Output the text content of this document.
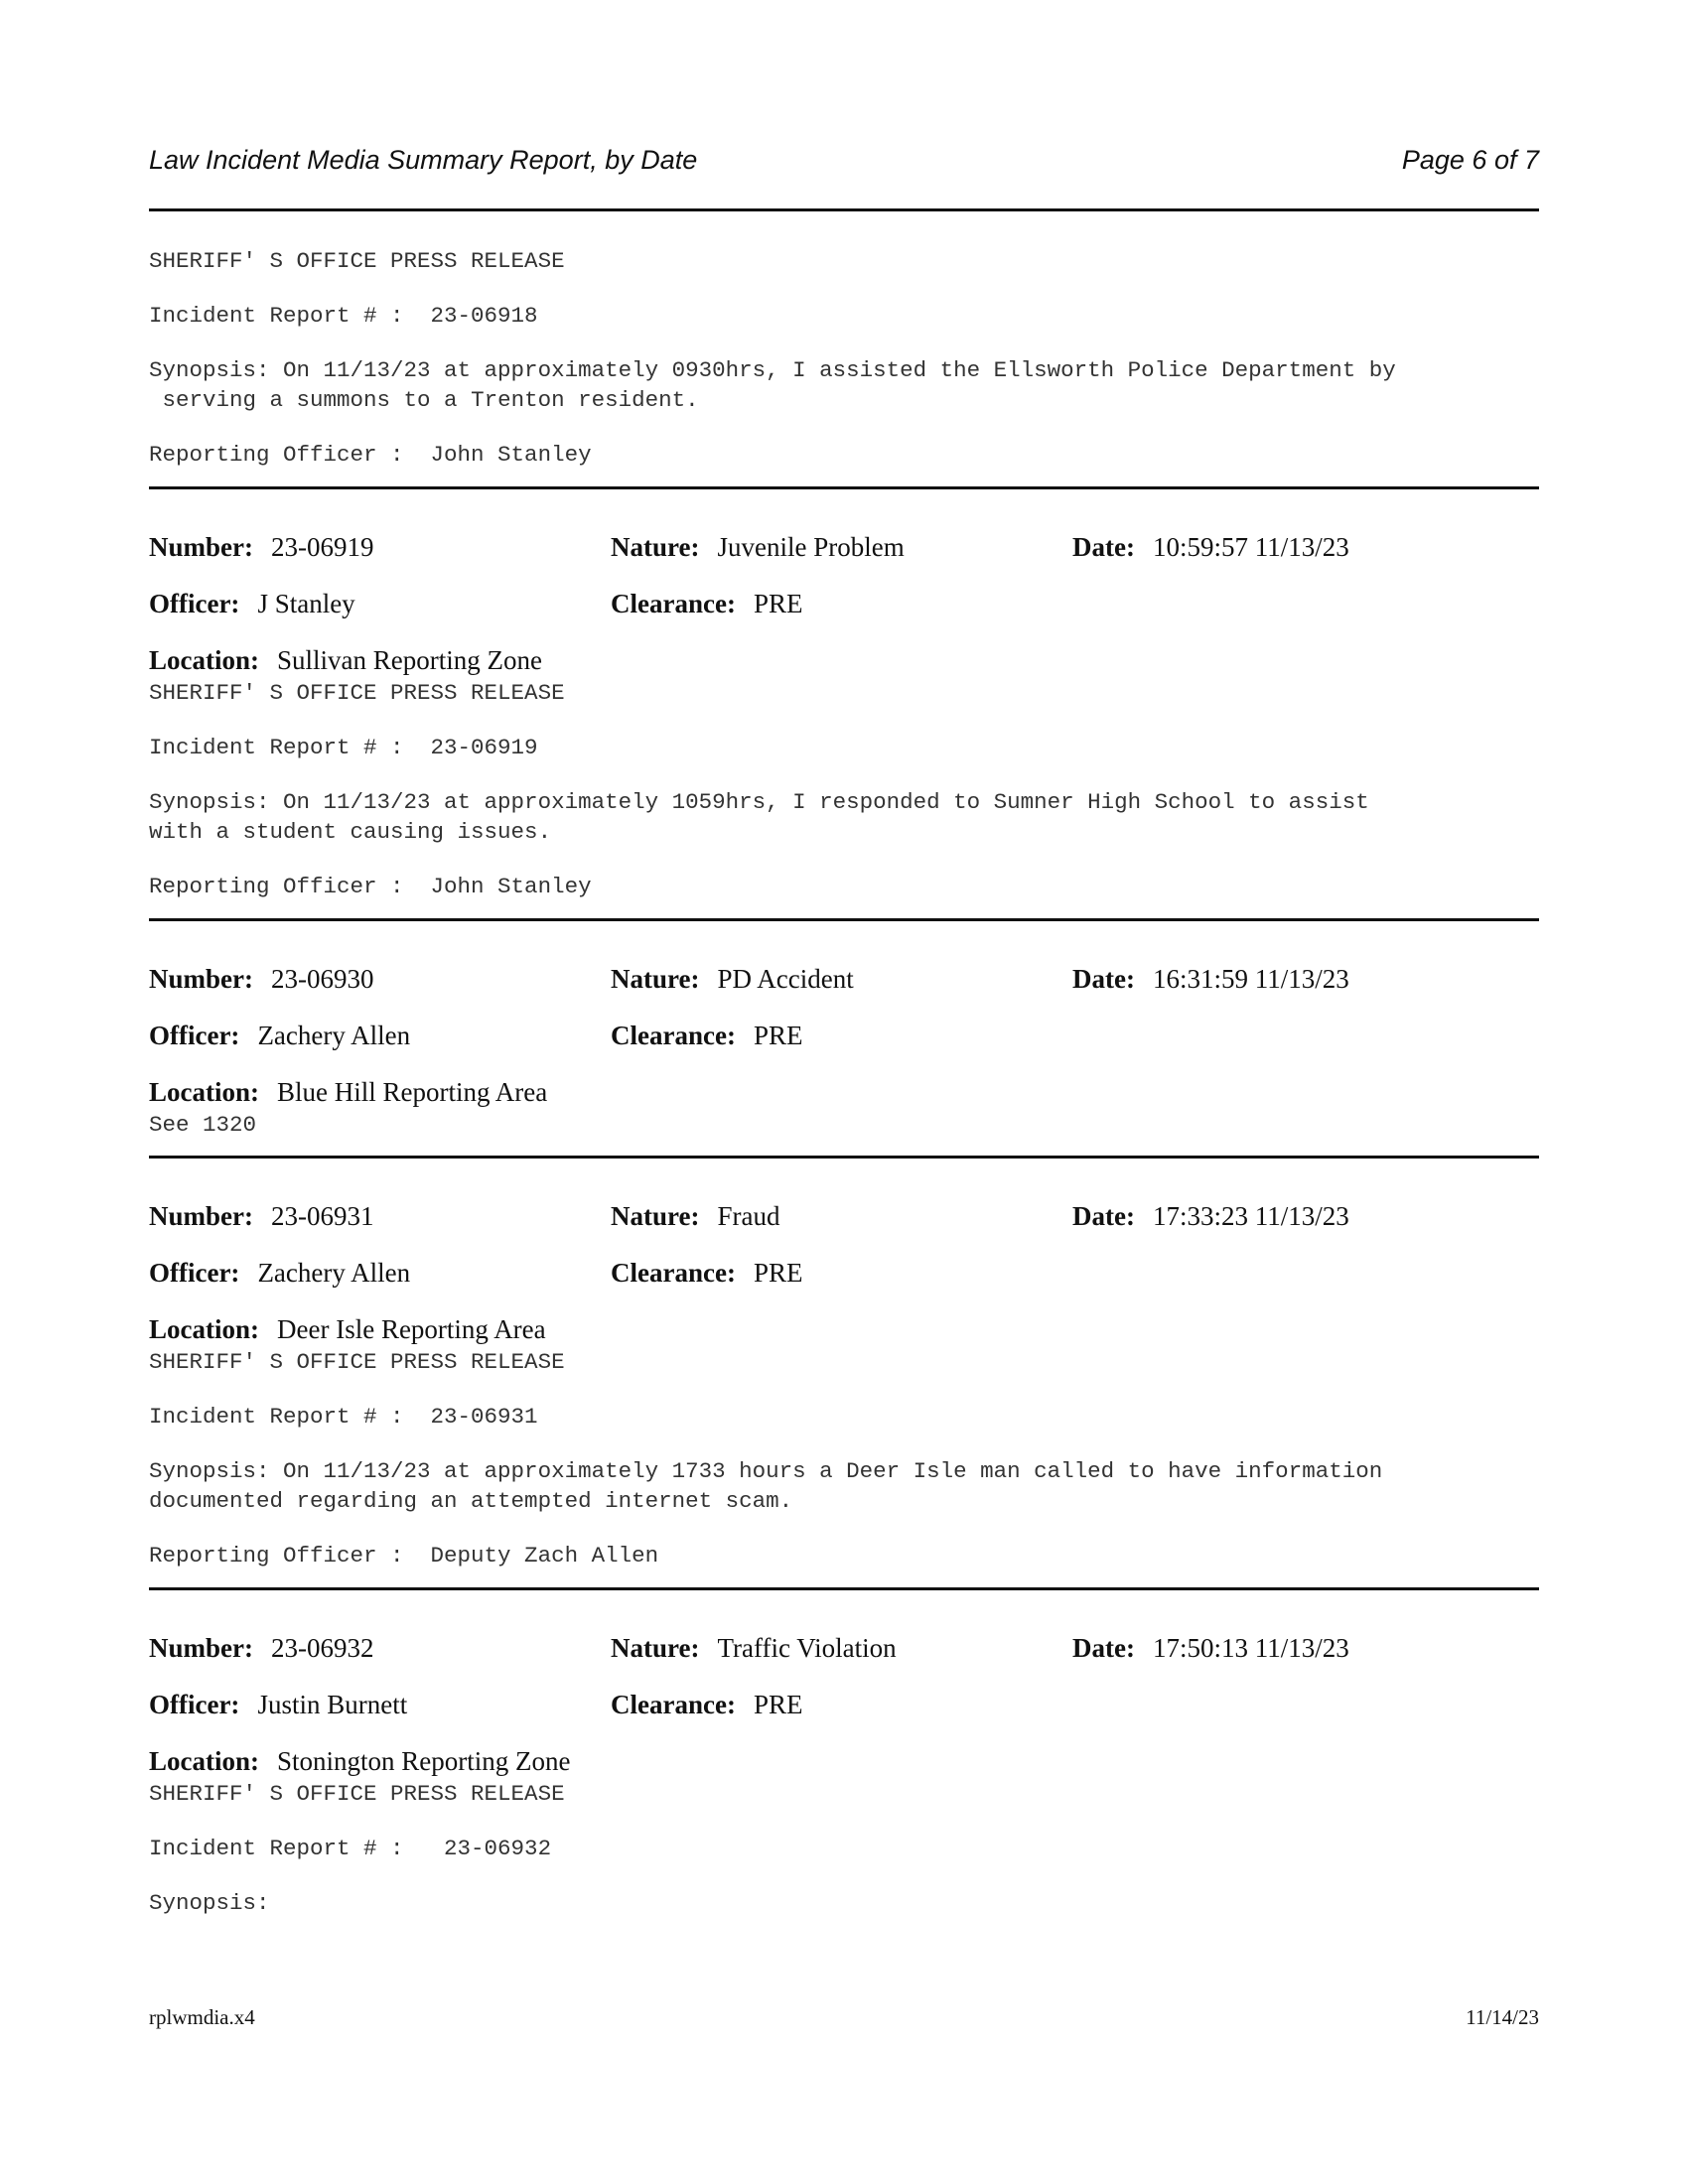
Law Incident Media Summary Report, by Date	Page 6 of 7
SHERIFF' S OFFICE PRESS RELEASE
Incident Report # :  23-06918
Synopsis: On 11/13/23 at approximately 0930hrs, I assisted the Ellsworth Police Department by
serving a summons to a Trenton resident.
Reporting Officer :  John Stanley
Number: 23-06919	Nature: Juvenile Problem	Date: 10:59:57 11/13/23
Officer: J Stanley	Clearance: PRE
Location: Sullivan Reporting Zone
SHERIFF' S OFFICE PRESS RELEASE
Incident Report # :  23-06919
Synopsis: On 11/13/23 at approximately 1059hrs, I responded to Sumner High School to assist
with a student causing issues.
Reporting Officer :  John Stanley
Number: 23-06930	Nature: PD Accident	Date: 16:31:59 11/13/23
Officer: Zachery Allen	Clearance: PRE
Location: Blue Hill Reporting Area
See 1320
Number: 23-06931	Nature: Fraud	Date: 17:33:23 11/13/23
Officer: Zachery Allen	Clearance: PRE
Location: Deer Isle Reporting Area
SHERIFF' S OFFICE PRESS RELEASE
Incident Report # :  23-06931
Synopsis: On 11/13/23 at approximately 1733 hours a Deer Isle man called to have information
documented regarding an attempted internet scam.
Reporting Officer :  Deputy Zach Allen
Number: 23-06932	Nature: Traffic Violation	Date: 17:50:13 11/13/23
Officer: Justin Burnett	Clearance: PRE
Location: Stonington Reporting Zone
SHERIFF' S OFFICE PRESS RELEASE
Incident Report # :   23-06932
Synopsis:
rplwmdia.x4	11/14/23
